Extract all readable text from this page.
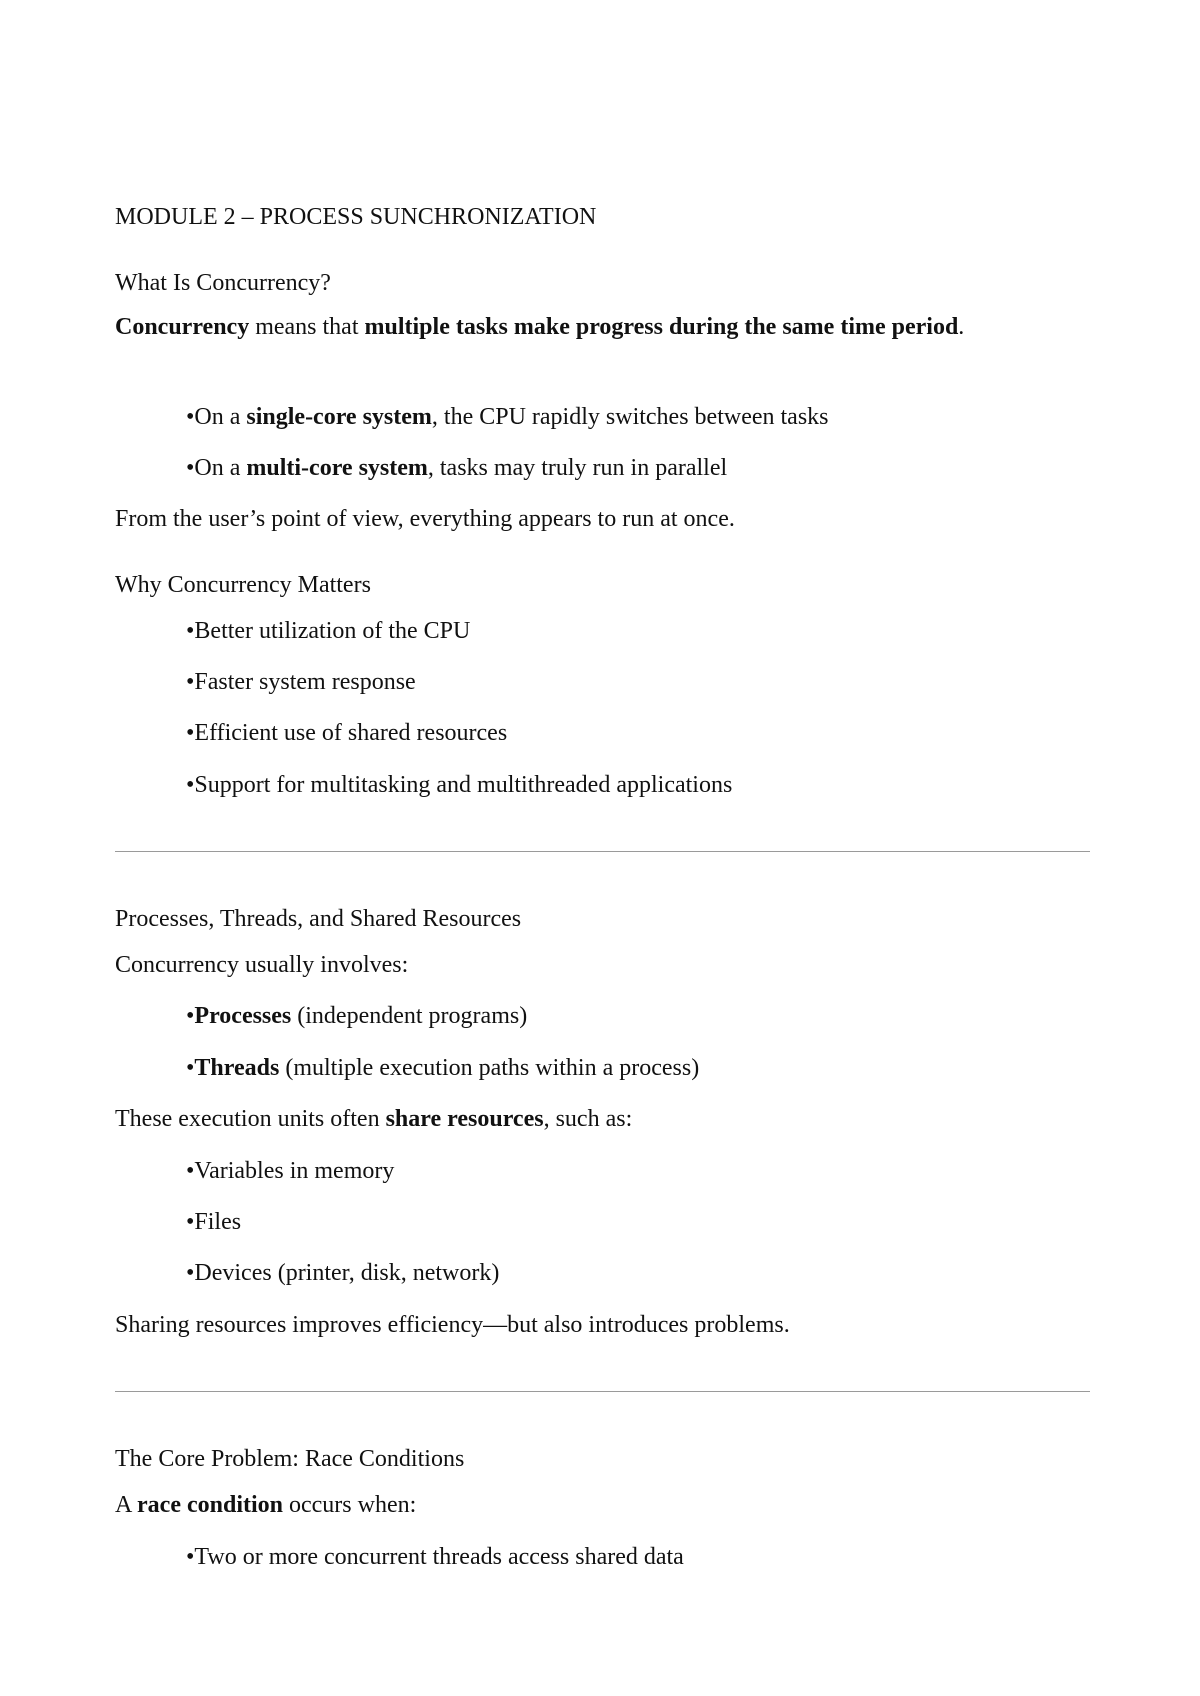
MODULE 2 – PROCESS SUNCHRONIZATION
What Is Concurrency?
Concurrency means that multiple tasks make progress during the same time period.
•On a single-core system, the CPU rapidly switches between tasks
•On a multi-core system, tasks may truly run in parallel
From the user’s point of view, everything appears to run at once.
Why Concurrency Matters
•Better utilization of the CPU
•Faster system response
•Efficient use of shared resources
•Support for multitasking and multithreaded applications
Processes, Threads, and Shared Resources
Concurrency usually involves:
•Processes (independent programs)
•Threads (multiple execution paths within a process)
These execution units often share resources, such as:
•Variables in memory
•Files
•Devices (printer, disk, network)
Sharing resources improves efficiency—but also introduces problems.
The Core Problem: Race Conditions
A race condition occurs when:
•Two or more concurrent threads access shared data
